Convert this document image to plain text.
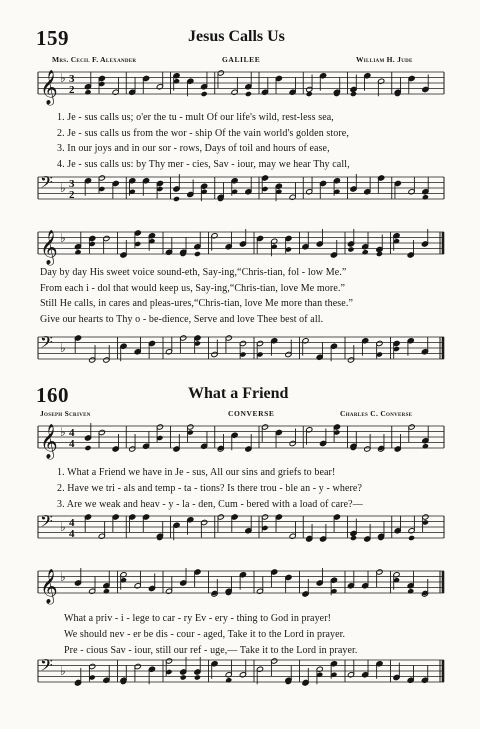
159	Jesus Calls Us
Mrs. Cecil F. Alexander	GALILEE	William H. Jude
1. Je - sus calls us; o'er the tu - mult Of our life's wild, rest-less sea,
2. Je - sus calls us from the wor - ship Of the vain world's golden store,
3. In our joys and in our sor - rows, Days of toil and hours of ease,
4. Je - sus calls us: by Thy mer - cies, Sav - iour, may we hear Thy call,
Day by day His sweet voice sound-eth, Say-ing,“Chris-tian, fol - low Me.”
From each i - dol that would keep us, Say-ing,“Chris-tian, love Me more.”
Still He calls, in cares and pleas-ures,“Chris-tian, love Me more than these.”
Give our hearts to Thy o - be-dience, Serve and love Thee best of all.
160	What a Friend
Joseph Scriven	CONVERSE	Charles C. Converse
1. What a Friend we have in Je - sus, All our sins and griefs to bear!
2. Have we tri - als and temp - ta - tions? Is there trou - ble an - y - where?
3. Are we weak and heav - y - la - den, Cum - bered with a load of care?—
What a priv - i - lege to car - ry Ev - ery - thing to God in prayer!
We should nev - er be dis - cour - aged, Take it to the Lord in prayer.
Pre - cious Sav - iour, still our ref - uge,— Take it to the Lord in prayer.
𝄞 ♭ 3
2
𝄢 ♭ 3
2
𝄞 ♭
𝄢 ♭
𝄞 ♭ 4
4
𝄢 ♭ 4
4
𝄞 ♭
𝄢 ♭
